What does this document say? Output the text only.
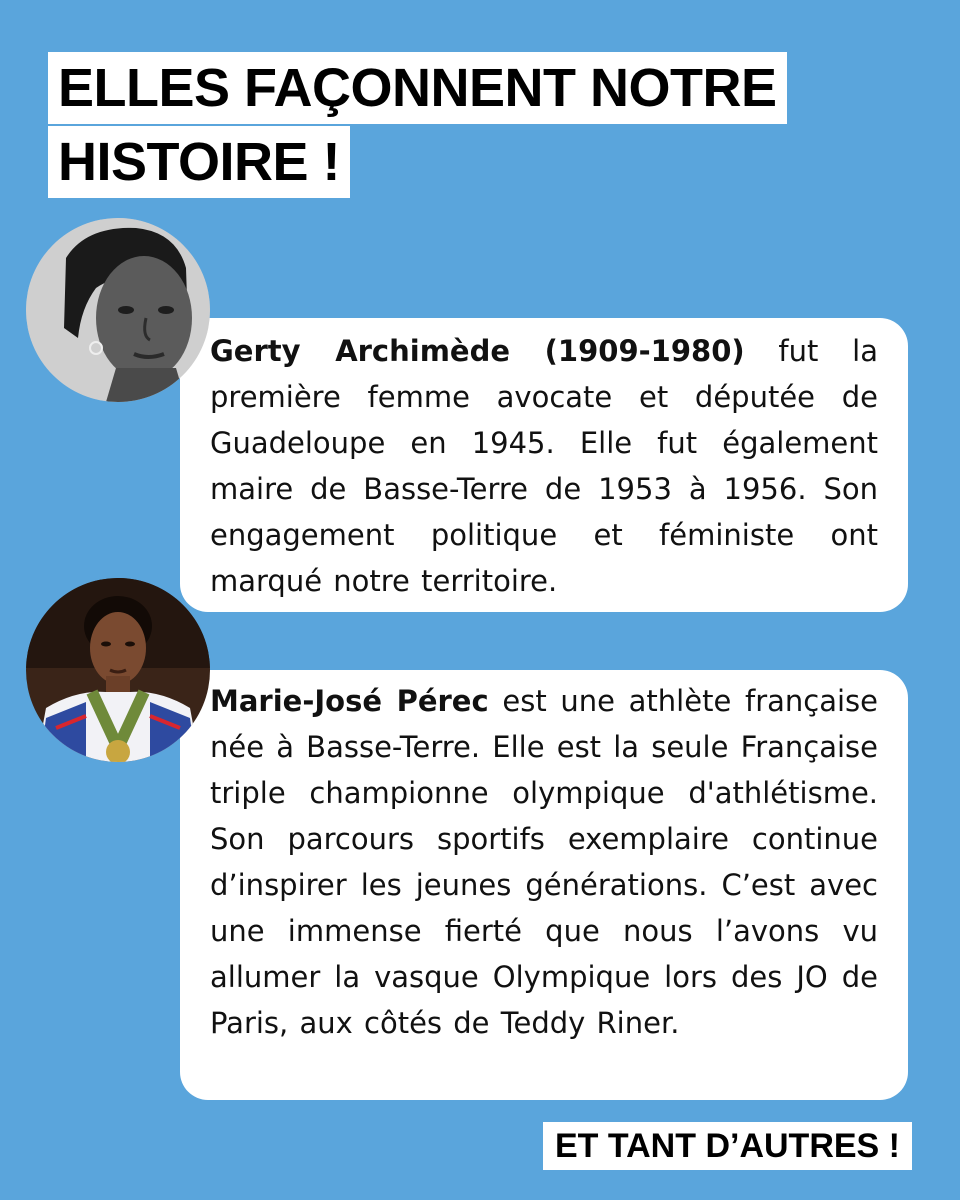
ELLES FAÇONNENT NOTRE
HISTOIRE !

Gerty Archimède (1909-1980) fut la première femme avocate et députée de Guadeloupe en 1945. Elle fut également maire de Basse-Terre de 1953 à 1956. Son engagement politique et féministe ont marqué notre territoire.

Marie-José Pérec est une athlète française née à Basse-Terre. Elle est la seule Française triple championne olympique d'athlétisme. Son parcours sportifs exemplaire continue d’inspirer les jeunes générations. C’est avec une immense fierté que nous l’avons vu allumer la vasque Olympique lors des JO de Paris, aux côtés de Teddy Riner.

ET TANT D’AUTRES !
